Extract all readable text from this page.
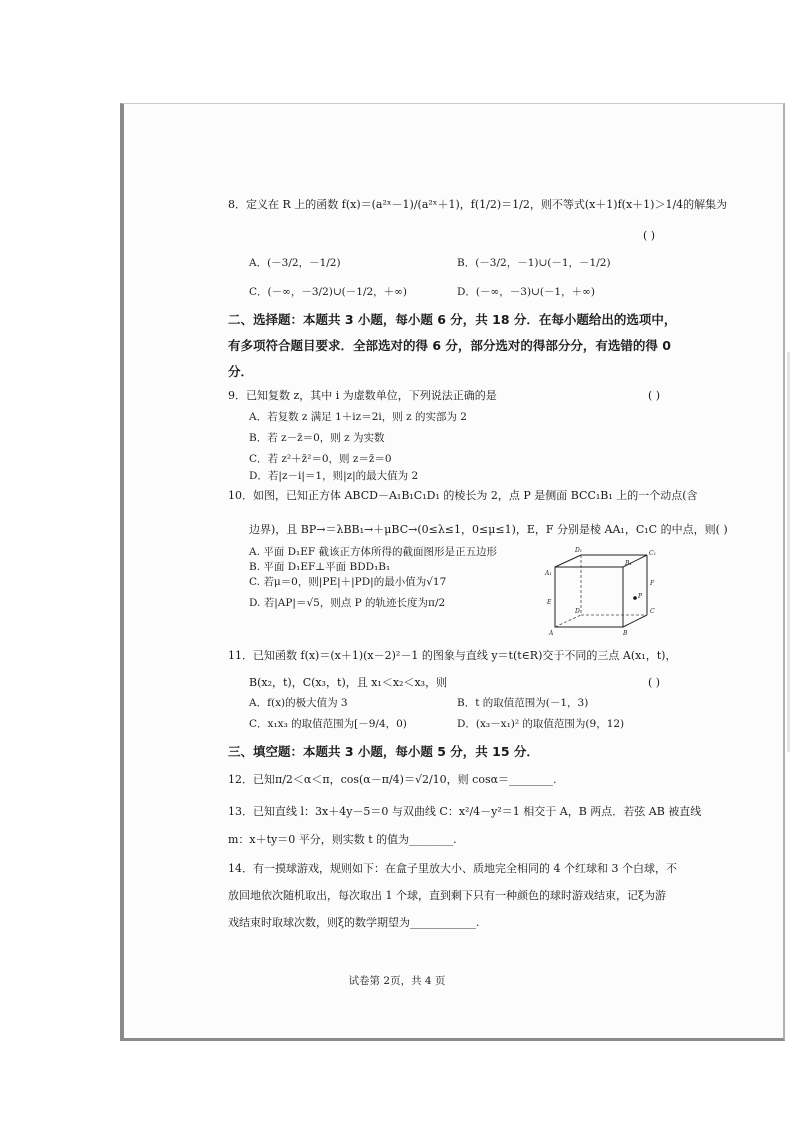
8．定义在 R 上的函数 f(x)＝(a²ˣ－1)/(a²ˣ＋1)，f(1/2)＝1/2，则不等式(x＋1)f(x＋1)＞1/4的解集为
( )
A．(－3/2，－1/2)	B．(－3/2，－1)∪(－1，－1/2)
C．(－∞，－3/2)∪(－1/2，＋∞)	D．(－∞，－3)∪(－1，＋∞)
二、选择题：本题共 3 小题，每小题 6 分，共 18 分．在每小题给出的选项中，
有多项符合题目要求．全部选对的得 6 分，部分选对的得部分分，有选错的得 0
分．
9．已知复数 z，其中 i 为虚数单位，下列说法正确的是	( )
A．若复数 z 满足 1＋iz＝2i，则 z 的实部为 2
B．若 z－z̄＝0，则 z 为实数
C．若 z²＋z̄²＝0，则 z＝z̄＝0
D．若|z－i|＝1，则|z|的最大值为 2
10．如图，已知正方体 ABCD－A₁B₁C₁D₁ 的棱长为 2，点 P 是侧面 BCC₁B₁ 上的一个动点(含
边界)，且 BP→＝λBB₁→＋μBC→(0≤λ≤1，0≤μ≤1)，E，F 分别是棱 AA₁，C₁C 的中点，则( )
A. 平面 D₁EF 截该正方体所得的截面图形是正五边形
B. 平面 D₁EF⊥平面 BDD₁B₁
C. 若μ＝0，则|PE|＋|PD|的最小值为√17
D. 若|AP|＝√5，则点 P 的轨迹长度为π/2
D₁	C₁
A₁
B₁
E
F
P
D	C
A	B
11．已知函数 f(x)＝(x＋1)(x－2)²－1 的图象与直线 y＝t(t∈R)交于不同的三点 A(x₁，t)，
B(x₂，t)，C(x₃，t)，且 x₁＜x₂＜x₃，则	( )
A．f(x)的极大值为 3	B．t 的取值范围为(－1，3)
C．x₁x₃ 的取值范围为[－9/4，0)	D．(x₃－x₁)² 的取值范围为(9，12)
三、填空题：本题共 3 小题，每小题 5 分，共 15 分．
12．已知π/2＜α＜π，cos(α－π/4)＝√2/10，则 cosα＝________.
13．已知直线 l：3x＋4y－5＝0 与双曲线 C：x²/4－y²＝1 相交于 A，B 两点．若弦 AB 被直线
m：x＋ty＝0 平分，则实数 t 的值为________.
14．有一摸球游戏，规则如下：在盒子里放大小、质地完全相同的 4 个红球和 3 个白球，不
放回地依次随机取出，每次取出 1 个球，直到剩下只有一种颜色的球时游戏结束，记ξ为游
戏结束时取球次数，则ξ的数学期望为____________.
试卷第 2页，共 4 页
